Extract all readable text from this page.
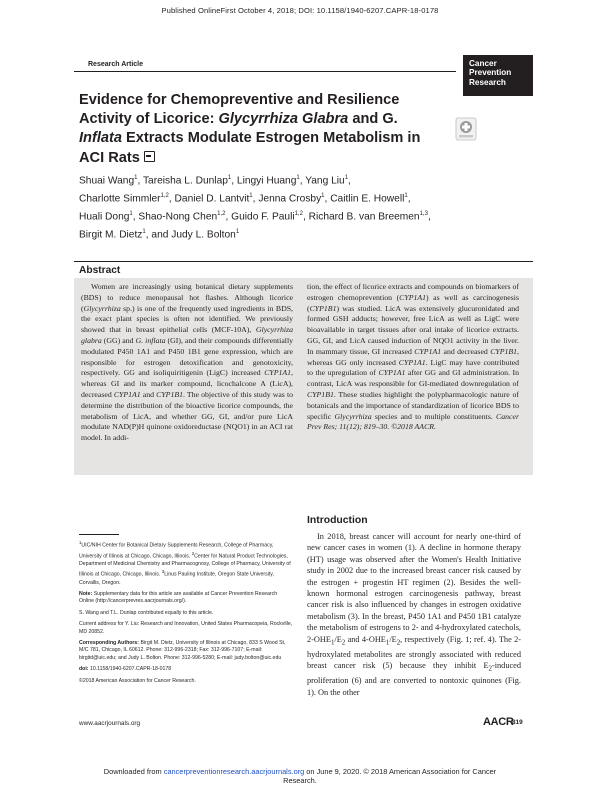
Published OnlineFirst October 4, 2018; DOI: 10.1158/1940-6207.CAPR-18-0178
Research Article	Cancer
Prevention
Research
Evidence for Chemopreventive and Resilience Activity of Licorice: Glycyrrhiza Glabra and G. Inflata Extracts Modulate Estrogen Metabolism in ACI Rats
Shuai Wang$^1$, Tareisha L. Dunlap$^1$, Lingyi Huang$^1$, Yang Liu$^1$,
Charlotte Simmler$^{1,2}$, Daniel D. Lantvit$^1$, Jenna Crosby$^1$, Caitlin E. Howell$^1$,
Huali Dong$^1$, Shao-Nong Chen$^{1,2}$, Guido F. Pauli$^{1,2}$, Richard B. van Breemen$^{1,3}$,
Birgit M. Dietz$^1$, and Judy L. Bolton$^1$
Abstract
Women are increasingly using botanical dietary supplements (BDS) to reduce menopausal hot flashes. Although licorice (Glycyrrhiza sp.) is one of the frequently used ingredients in BDS, the exact plant species is often not identified. We previously showed that in breast epithelial cells (MCF-10A), Glycyrrhiza glabra (GG) and G. inflata (GI), and their compounds differentially modulated P450 1A1 and P450 1B1 gene expression, which are responsible for estrogen detoxification and genotoxicity, respectively. GG and isoliquiritigenin (LigC) increased CYP1A1, whereas GI and its marker compound, licochalcone A (LicA), decreased CYP1A1 and CYP1B1. The objective of this study was to determine the distribution of the bioactive licorice compounds, the metabolism of LicA, and whether GG, GI, and/or pure LicA modulate NAD(P)H quinone oxidoreductase (NQO1) in an ACI rat model. In addi-
tion, the effect of licorice extracts and compounds on biomarkers of estrogen chemoprevention (CYP1A1) as well as carcinogenesis (CYP1B1) was studied. LicA was extensively glucuronidated and formed GSH adducts; however, free LicA as well as LigC were bioavailable in target tissues after oral intake of licorice extracts. GG, GI, and LicA caused induction of NQO1 activity in the liver. In mammary tissue, GI increased CYP1A1 and decreased CYP1B1, whereas GG only increased CYP1A1. LigC may have contributed to the upregulation of CYP1A1 after GG and GI administration. In contrast, LicA was responsible for GI-mediated downregulation of CYP1B1. These studies highlight the polypharmacologic nature of botanicals and the importance of standardization of licorice BDS to specific Glycyrrhiza species and to multiple constituents. Cancer Prev Res; 11(12); 819–30. ©2018 AACR.

$^1$UIC/NIH Center for Botanical Dietary Supplements Research, College of Pharmacy, University of Illinois at Chicago, Chicago, Illinois. $^2$Center for Natural Product Technologies, Department of Medicinal Chemistry and Pharmacognosy, College of Pharmacy, University of Illinois at Chicago, Chicago, Illinois. $^3$Linus Pauling Institute, Oregon State University, Corvallis, Oregon.

Note: Supplementary data for this article are available at Cancer Prevention Research Online (http://cancerprevres.aacrjournals.org/).

S. Wang and T.L. Dunlap contributed equally to this article.

Current address for Y. Liu: Research and Innovation, United States Pharmacopeia, Rockville, MD 20852.

Corresponding Authors: Birgit M. Dietz, University of Illinois at Chicago, 833 S Wood St, M/C 781, Chicago, IL 60612. Phone: 312-996-2318; Fax: 312-996-7107; E-mail: birgitd@uic.edu; and Judy L. Bolton. Phone: 312-996-5280; E-mail: judy.bolton@uic.edu

doi: 10.1158/1940-6207.CAPR-18-0178

©2018 American Association for Cancer Research.

Introduction
In 2018, breast cancer will account for nearly one-third of new cancer cases in women (1). A decline in hormone therapy (HT) usage was observed after the Women's Health Initiative study in 2002 due to the increased breast cancer risk caused by the estrogen + progestin HT regimen (2). Besides the well-known hormonal estrogen carcinogenesis pathway, breast cancer risk is also influenced by changes in estrogen oxidative metabolism (3). In the breast, P450 1A1 and P450 1B1 catalyze the metabolism of estrogens to 2- and 4-hydroxylated catechols, $2-OHE_1/E_2$ and $4-OHE_1/E_2$, respectively (Fig. 1; ref. 4). The 2-hydroxylated metabolites are strongly associated with reduced breast cancer risk (5) because they inhibit $E_2$-induced proliferation (6) and are converted to nontoxic quinones (Fig. 1). On the other
www.aacrjournals.org	AACR
819
Downloaded from cancerpreventionresearch.aacrjournals.org on June 9, 2020. © 2018 American Association for Cancer
Research.
